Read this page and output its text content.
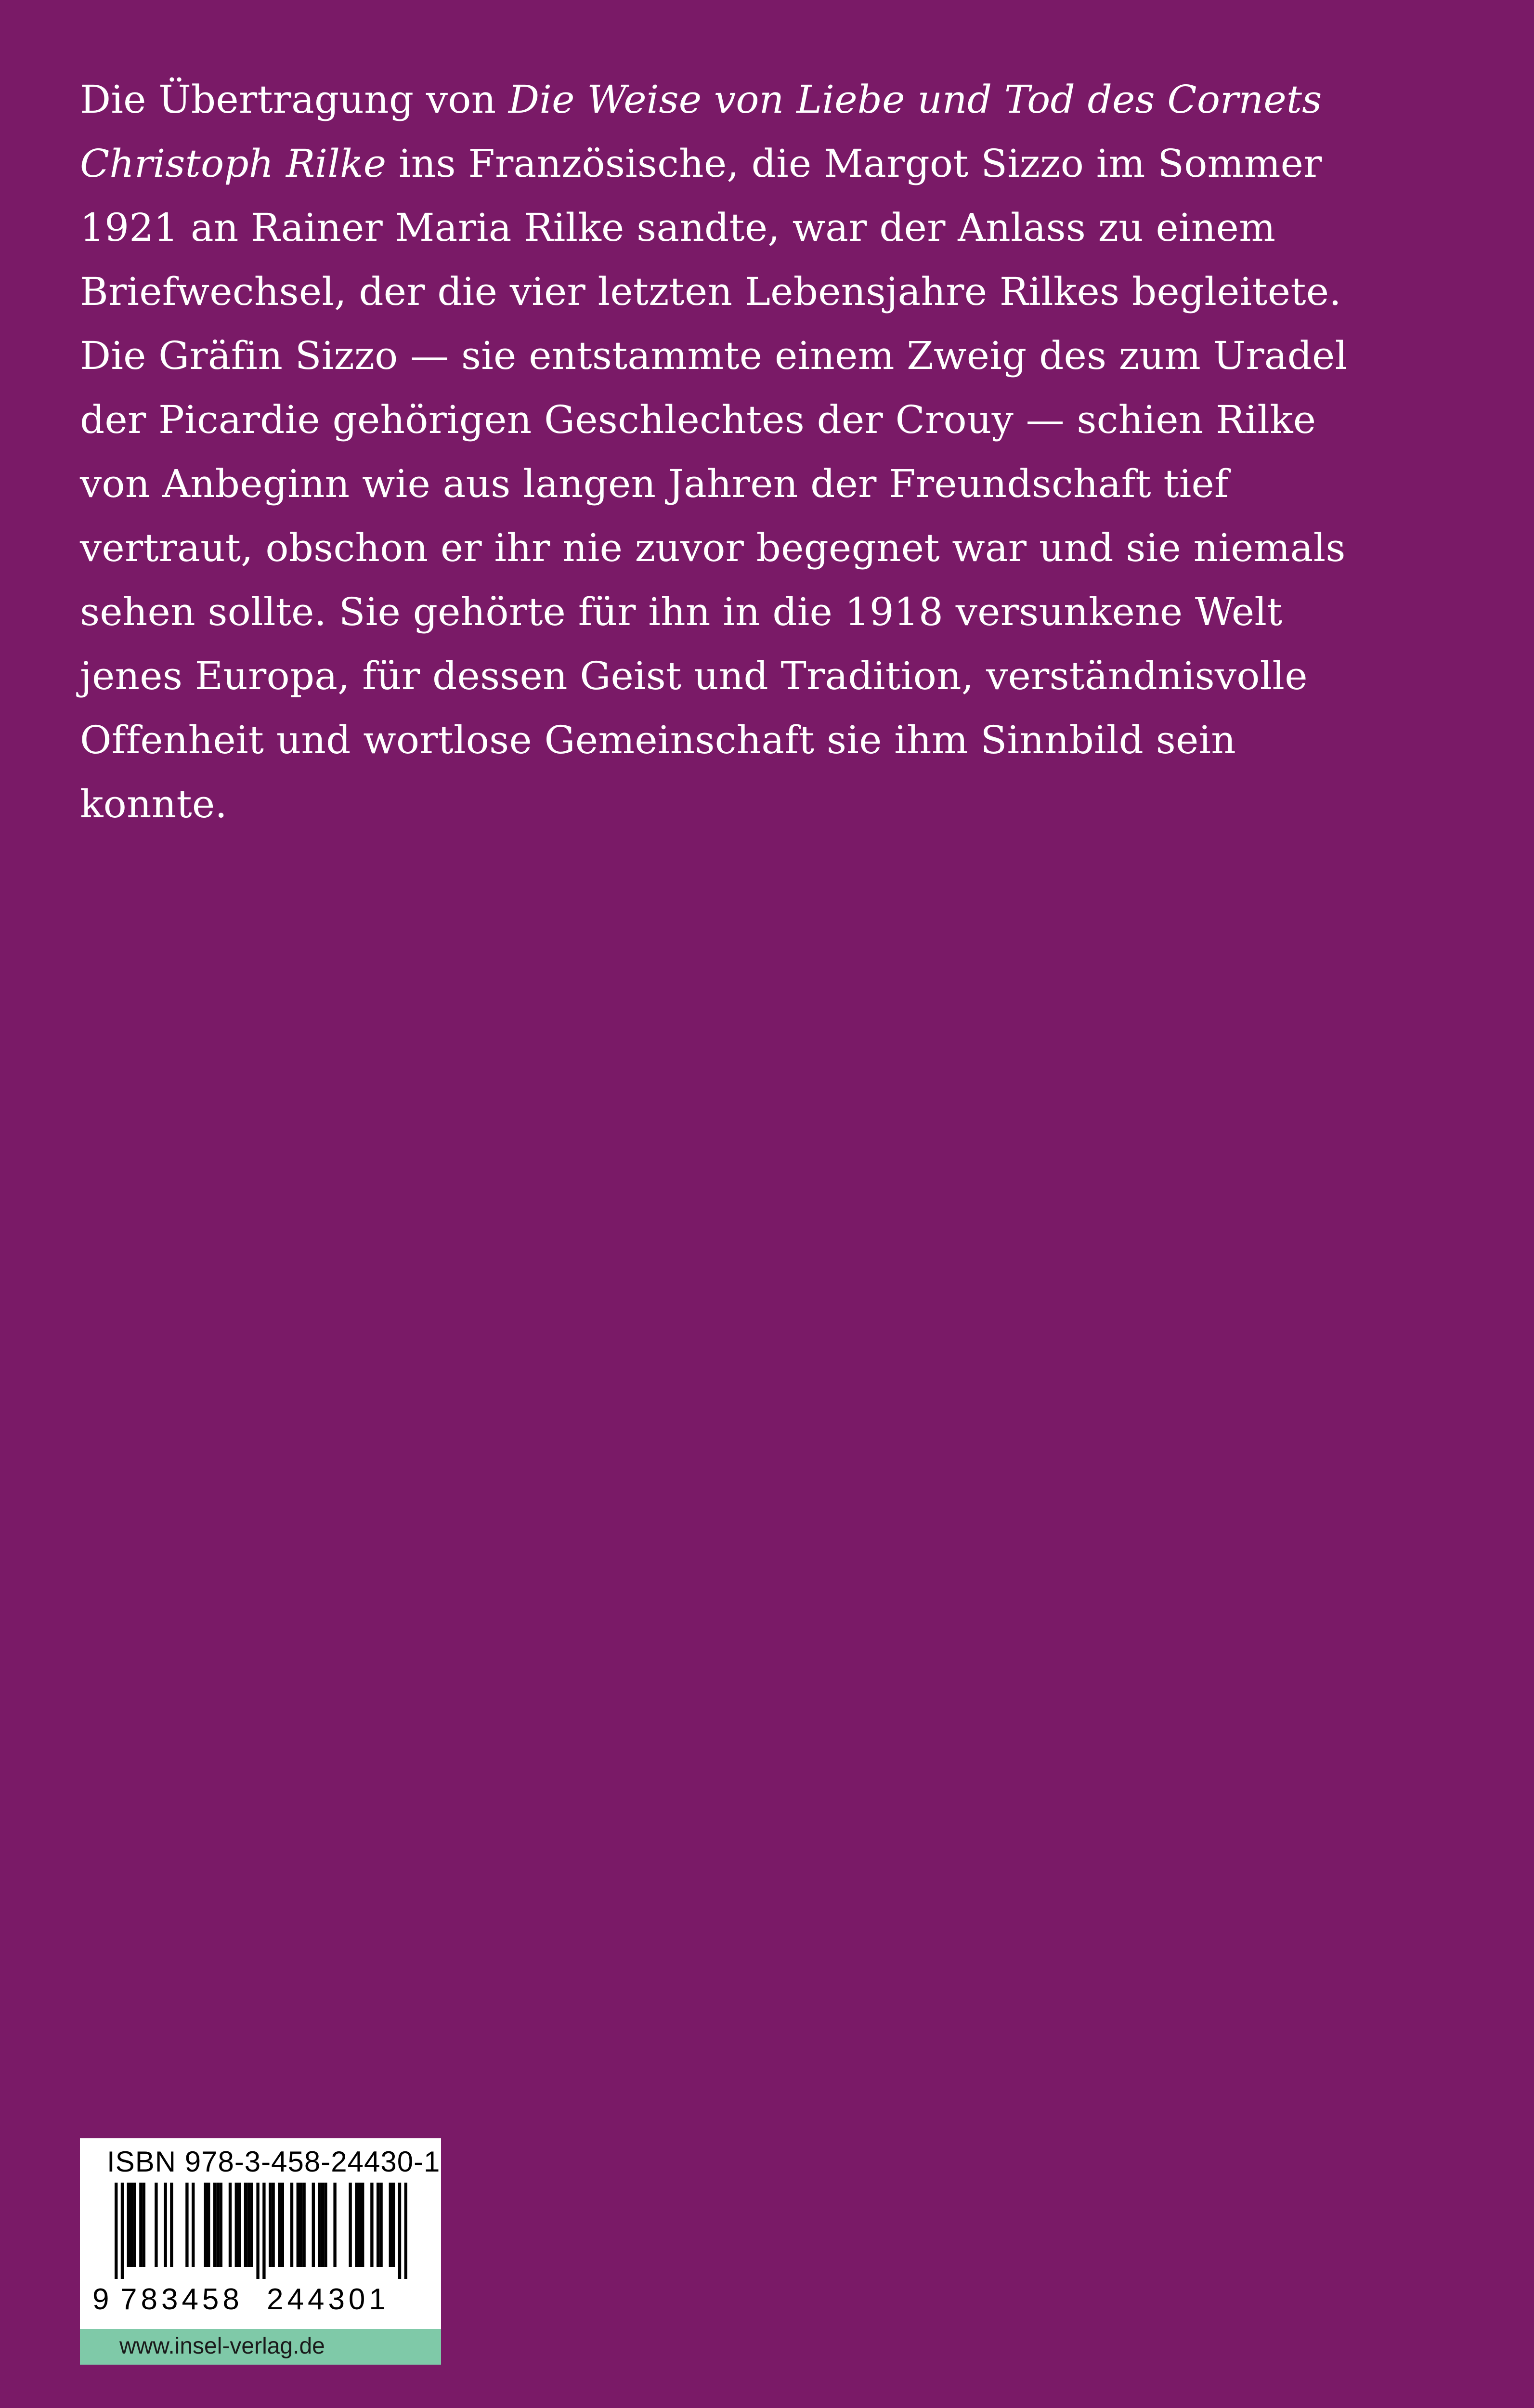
Die Übertragung von Die Weise von Liebe und Tod des Cornets
Christoph Rilke ins Französische, die Margot Sizzo im Sommer
1921 an Rainer Maria Rilke sandte, war der Anlass zu einem
Briefwechsel, der die vier letzten Lebensjahre Rilkes begleitete.
Die Gräfin Sizzo — sie entstammte einem Zweig des zum Uradel
der Picardie gehörigen Geschlechtes der Crouy — schien Rilke
von Anbeginn wie aus langen Jahren der Freundschaft tief
vertraut, obschon er ihr nie zuvor begegnet war und sie niemals
sehen sollte. Sie gehörte für ihn in die 1918 versunkene Welt
jenes Europa, für dessen Geist und Tradition, verständnisvolle
Offenheit und wortlose Gemeinschaft sie ihm Sinnbild sein
konnte.

ISBN 978-3-458-24430-1
9 783458 244301
www.insel-verlag.de
